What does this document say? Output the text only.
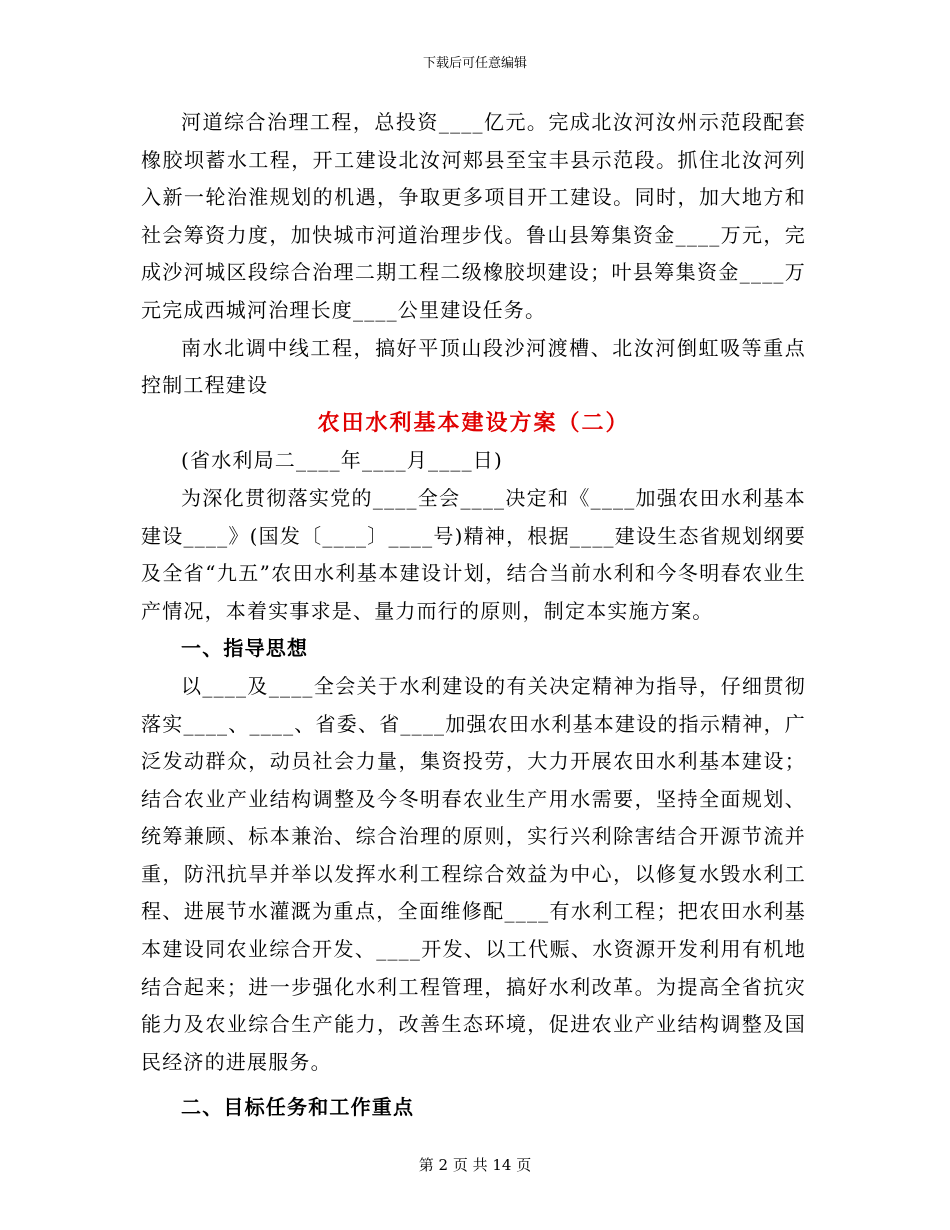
下载后可任意编辑

河道综合治理工程，总投资____亿元。完成北汝河汝州示范段配套橡胶坝蓄水工程，开工建设北汝河郏县至宝丰县示范段。抓住北汝河列入新一轮治淮规划的机遇，争取更多项目开工建设。同时，加大地方和社会筹资力度，加快城市河道治理步伐。鲁山县筹集资金____万元，完成沙河城区段综合治理二期工程二级橡胶坝建设；叶县筹集资金____万元完成西城河治理长度____公里建设任务。

南水北调中线工程，搞好平顶山段沙河渡槽、北汝河倒虹吸等重点控制工程建设

农田水利基本建设方案（二）

(省水利局二____年____月____日)

为深化贯彻落实党的____全会____决定和《____加强农田水利基本建设____》(国发〔____〕____号)精神，根据____建设生态省规划纲要及全省“九五”农田水利基本建设计划，结合当前水利和今冬明春农业生产情况，本着实事求是、量力而行的原则，制定本实施方案。

一、指导思想

以____及____全会关于水利建设的有关决定精神为指导，仔细贯彻落实____、____、省委、省____加强农田水利基本建设的指示精神，广泛发动群众，动员社会力量，集资投劳，大力开展农田水利基本建设；结合农业产业结构调整及今冬明春农业生产用水需要，坚持全面规划、统筹兼顾、标本兼治、综合治理的原则，实行兴利除害结合开源节流并重，防汛抗旱并举以发挥水利工程综合效益为中心，以修复水毁水利工程、进展节水灌溉为重点，全面维修配____有水利工程；把农田水利基本建设同农业综合开发、____开发、以工代赈、水资源开发利用有机地结合起来；进一步强化水利工程管理，搞好水利改革。为提高全省抗灾能力及农业综合生产能力，改善生态环境，促进农业产业结构调整及国民经济的进展服务。

二、目标任务和工作重点

第 2 页 共 14 页
